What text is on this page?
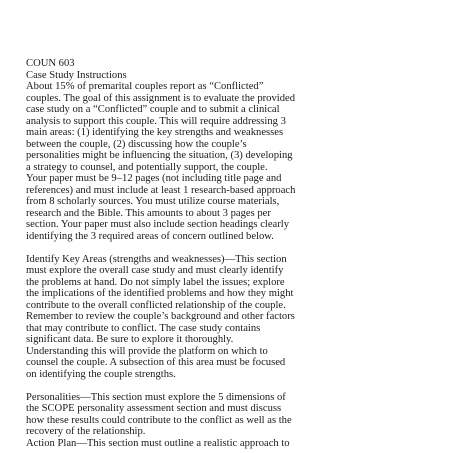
COUN 603
Case Study Instructions
About 15% of premarital couples report as “Conflicted”
couples. The goal of this assignment is to evaluate the provided
case study on a “Conflicted” couple and to submit a clinical
analysis to support this couple. This will require addressing 3
main areas: (1) identifying the key strengths and weaknesses
between the couple, (2) discussing how the couple’s
personalities might be influencing the situation, (3) developing
a strategy to counsel, and potentially support, the couple.
Your paper must be 9–12 pages (not including title page and
references) and must include at least 1 research-based approach
from 8 scholarly sources. You must utilize course materials,
research and the Bible. This amounts to about 3 pages per
section. Your paper must also include section headings clearly
identifying the 3 required areas of concern outlined below.
Identify Key Areas (strengths and weaknesses)—This section
must explore the overall case study and must clearly identify
the problems at hand. Do not simply label the issues; explore
the implications of the identified problems and how they might
contribute to the overall conflicted relationship of the couple.
Remember to review the couple’s background and other factors
that may contribute to conflict. The case study contains
significant data. Be sure to explore it thoroughly.
Understanding this will provide the platform on which to
counsel the couple. A subsection of this area must be focused
on identifying the couple strengths.
Personalities—This section must explore the 5 dimensions of
the SCOPE personality assessment section and must discuss
how these results could contribute to the conflict as well as the
recovery of the relationship.
Action Plan—This section must outline a realistic approach to
